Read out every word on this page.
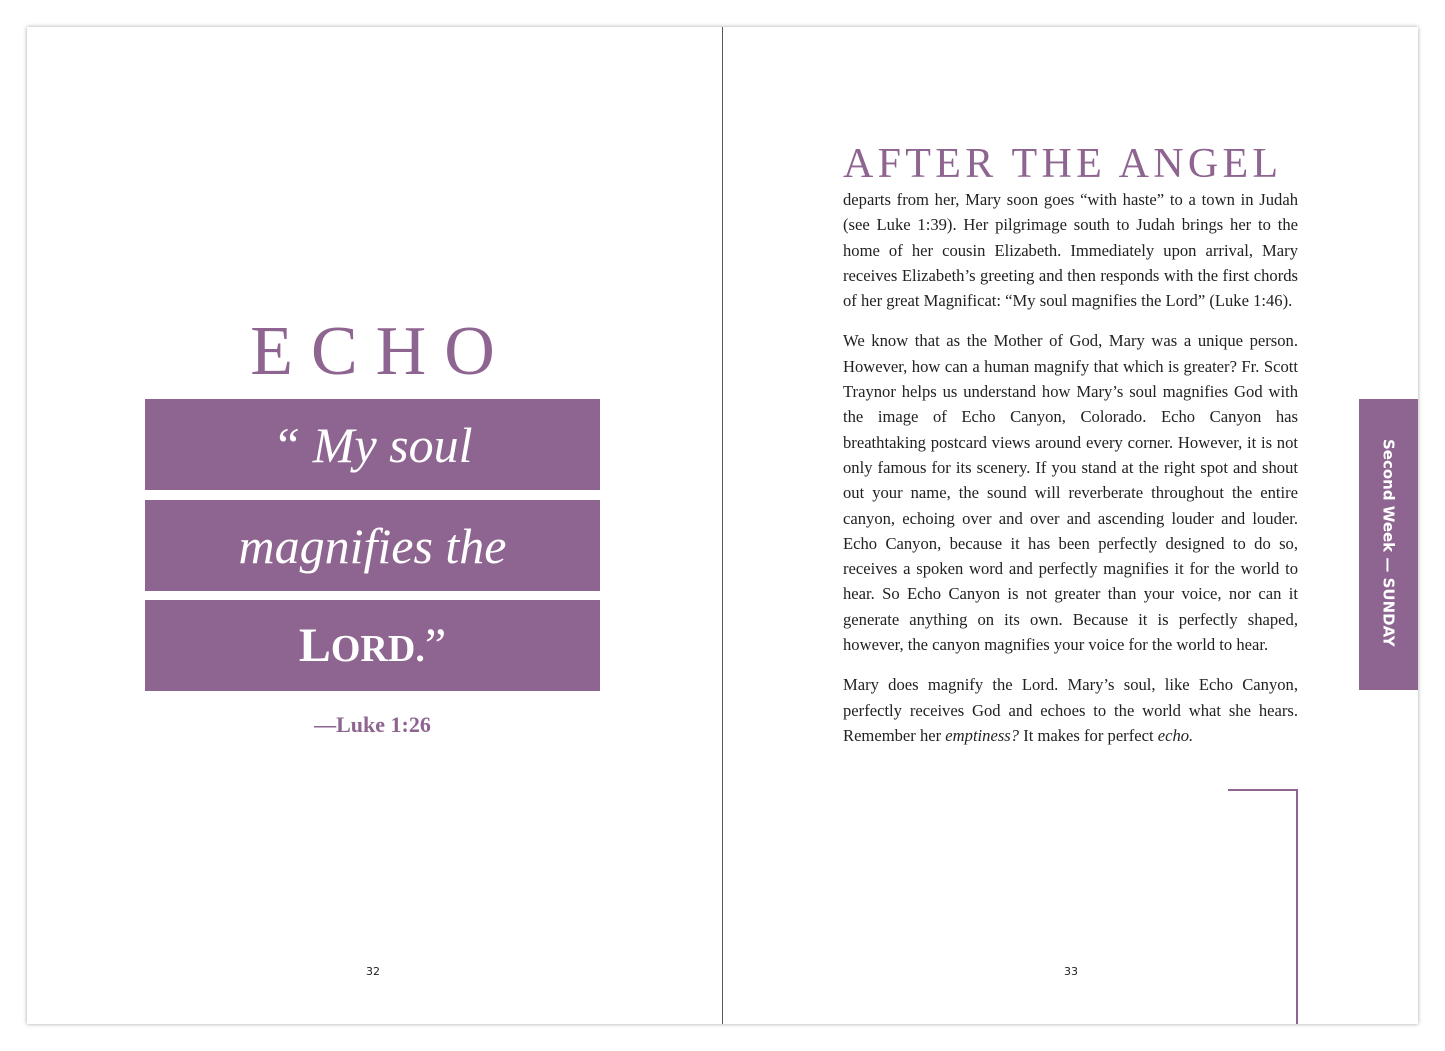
ECHO
“ My soul
magnifies the
LORD.”
—Luke 1:26
32
AFTER THE ANGEL

departs from her, Mary soon goes “with haste” to a town in Judah (see Luke 1:39). Her pilgrimage south to Judah brings her to the home of her cousin Elizabeth. Immediately upon arrival, Mary receives Elizabeth’s greeting and then responds with the first chords of her great Magnificat: “My soul magnifies the Lord” (Luke 1:46).

We know that as the Mother of God, Mary was a unique person. However, how can a human magnify that which is greater? Fr. Scott Traynor helps us understand how Mary’s soul magnifies God with the image of Echo Canyon, Colorado. Echo Canyon has breathtaking postcard views around every corner. However, it is not only famous for its scenery. If you stand at the right spot and shout out your name, the sound will reverberate throughout the entire canyon, echoing over and over and ascending louder and louder. Echo Canyon, because it has been perfectly designed to do so, receives a spoken word and perfectly magnifies it for the world to hear. So Echo Canyon is not greater than your voice, nor can it generate anything on its own. Because it is perfectly shaped, however, the canyon magnifies your voice for the world to hear.

Mary does magnify the Lord. Mary’s soul, like Echo Canyon, perfectly receives God and echoes to the world what she hears. Remember her emptiness? It makes for perfect echo.

Second Week — SUNDAY
33
